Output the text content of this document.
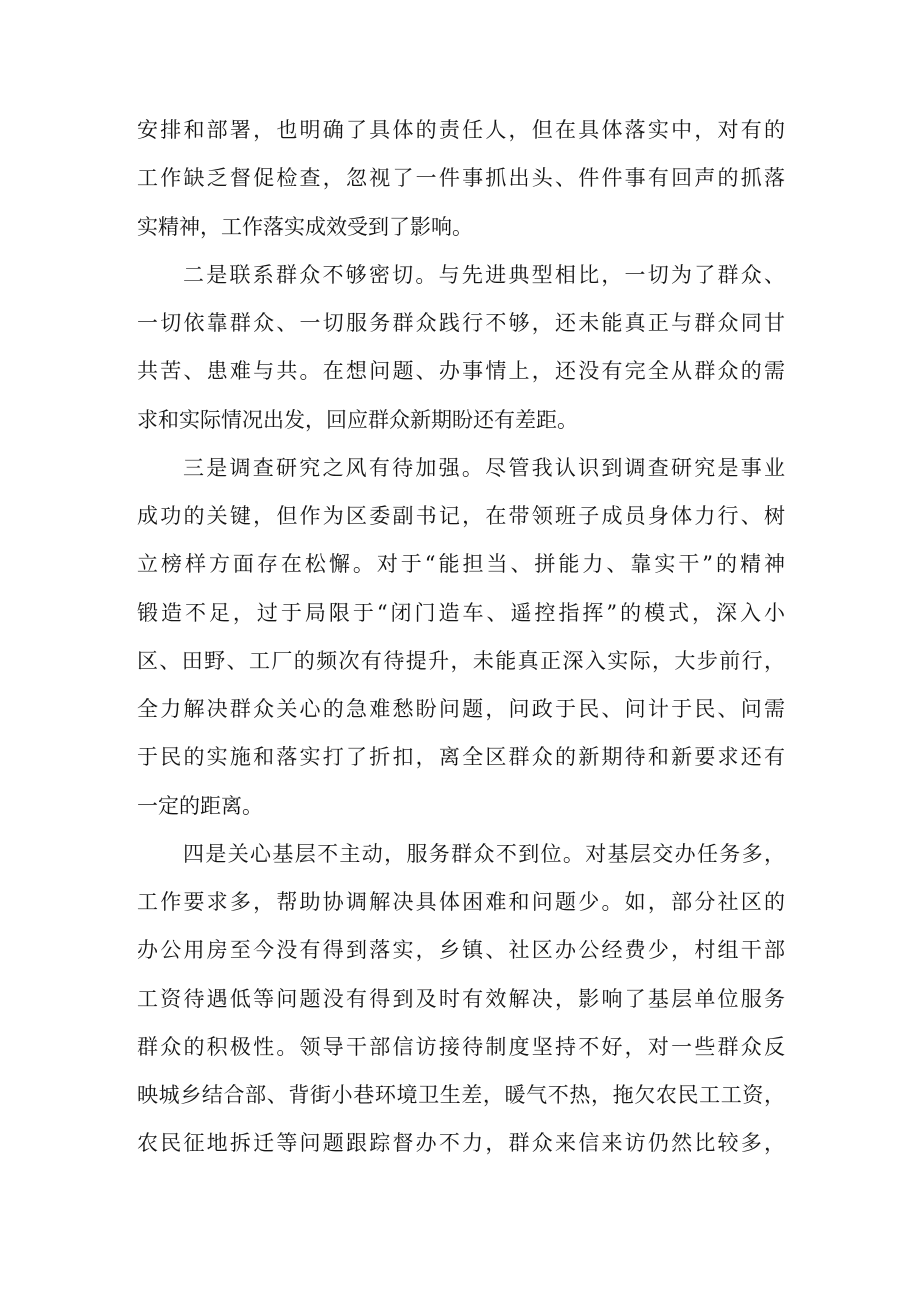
安排和部署，也明确了具体的责任人，但在具体落实中，对有的
工作缺乏督促检查，忽视了一件事抓出头、件件事有回声的抓落
实精神，工作落实成效受到了影响。
二是联系群众不够密切。与先进典型相比，一切为了群众、
一切依靠群众、一切服务群众践行不够，还未能真正与群众同甘
共苦、患难与共。在想问题、办事情上，还没有完全从群众的需
求和实际情况出发，回应群众新期盼还有差距。
三是调查研究之风有待加强。尽管我认识到调查研究是事业
成功的关键，但作为区委副书记，在带领班子成员身体力行、树
立榜样方面存在松懈。对于“能担当、拼能力、靠实干”的精神
锻造不足，过于局限于“闭门造车、遥控指挥”的模式，深入小
区、田野、工厂的频次有待提升，未能真正深入实际，大步前行，
全力解决群众关心的急难愁盼问题，问政于民、问计于民、问需
于民的实施和落实打了折扣，离全区群众的新期待和新要求还有
一定的距离。
四是关心基层不主动，服务群众不到位。对基层交办任务多，
工作要求多，帮助协调解决具体困难和问题少。如，部分社区的
办公用房至今没有得到落实，乡镇、社区办公经费少，村组干部
工资待遇低等问题没有得到及时有效解决，影响了基层单位服务
群众的积极性。领导干部信访接待制度坚持不好，对一些群众反
映城乡结合部、背街小巷环境卫生差，暖气不热，拖欠农民工工资，
农民征地拆迁等问题跟踪督办不力，群众来信来访仍然比较多，
